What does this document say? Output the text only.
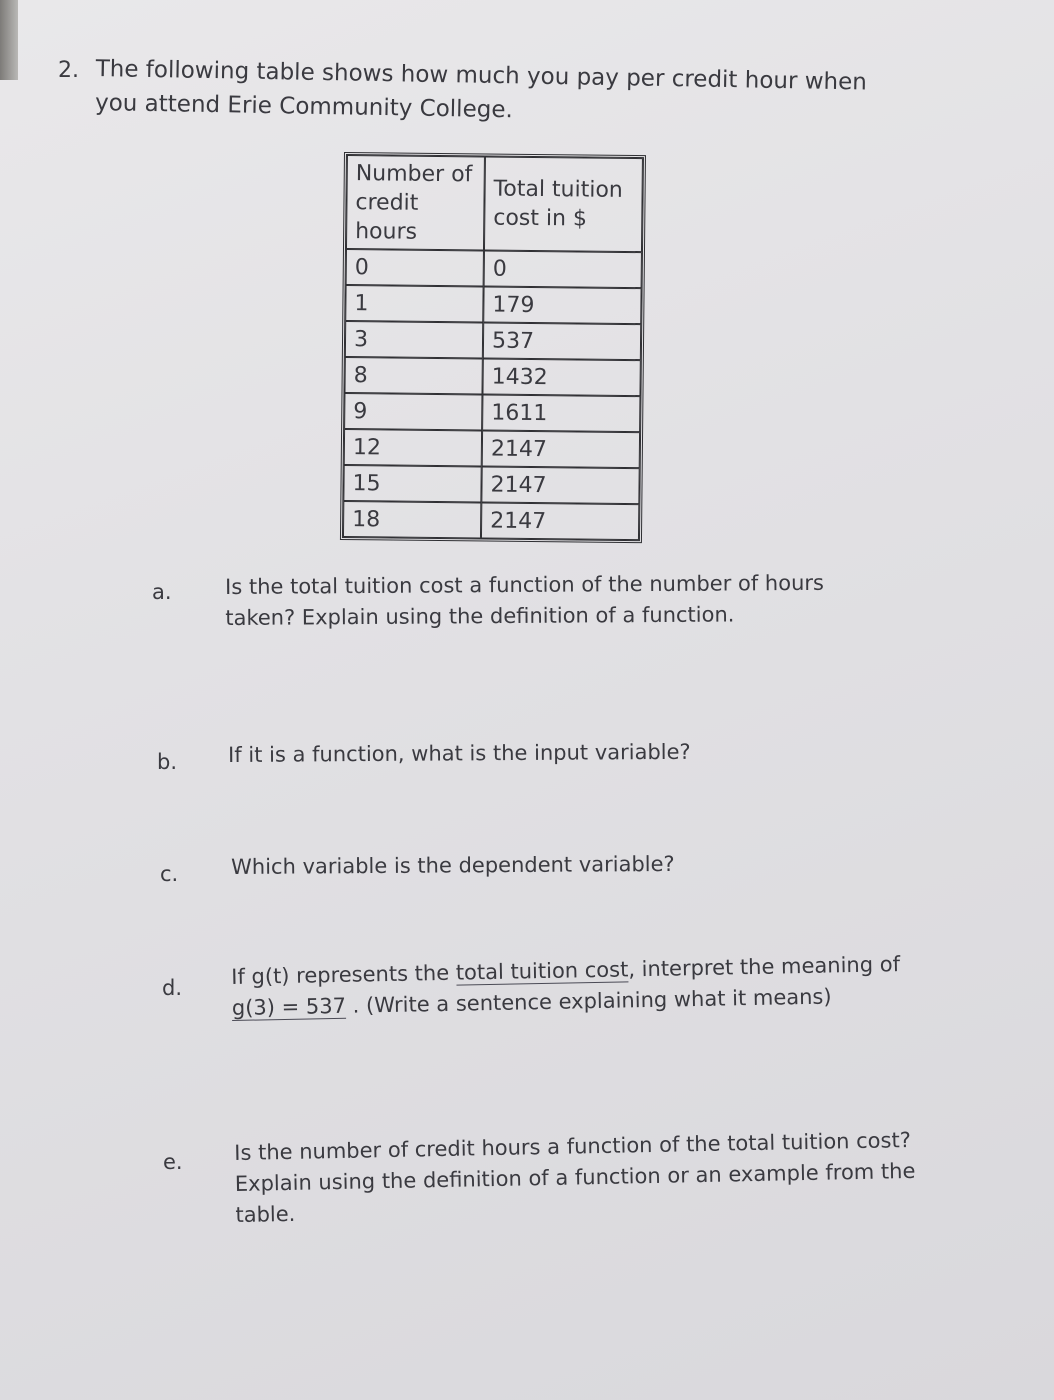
2. The following table shows how much you pay per credit hour when you attend Erie Community College.
Number of credit hours	Total tuition cost in $
0	0
1	179
3	537
8	1432
9	1611
12	2147
15	2147
18	2147
a.	Is the total tuition cost a function of the number of hours taken? Explain using the definition of a function.
b. If it is a function, what is the input variable?
c.	Which variable is the dependent variable?
d. If g(t) represents the total tuition cost, interpret the meaning of g(3) = 537 . (Write a sentence explaining what it means)
e. Is the number of credit hours a function of the total tuition cost? Explain using the definition of a function or an example from the table.
